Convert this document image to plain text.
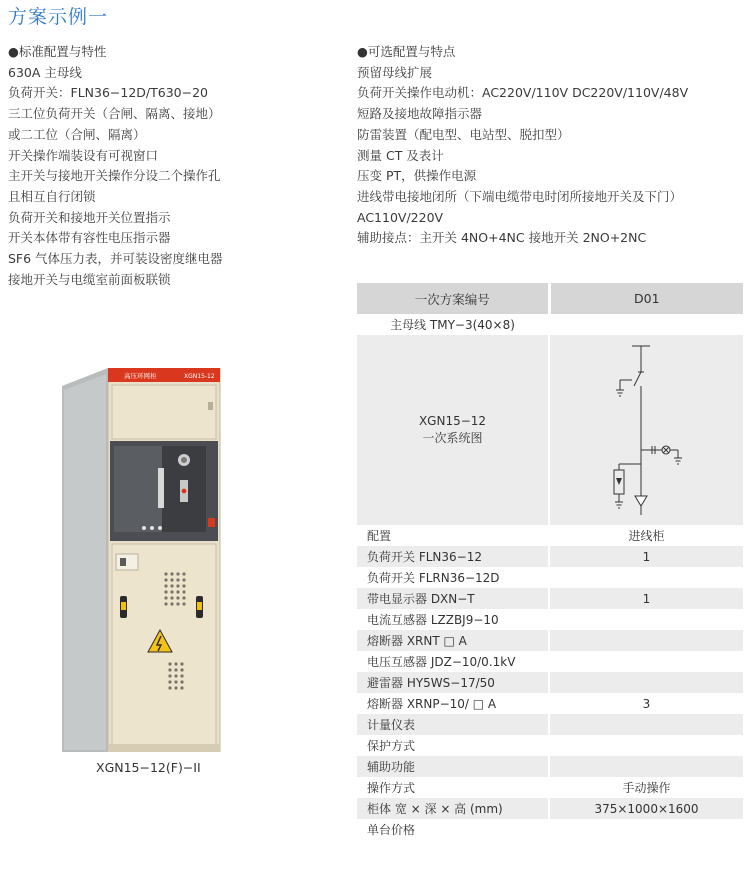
方案示例一
●标准配置与特性
630A 主母线
负荷开关：FLN36−12D/T630−20
三工位负荷开关（合闸、隔离、接地）
或二工位（合闸、隔离）
开关操作端装设有可视窗口
主开关与接地开关操作分设二个操作孔
且相互自行闭锁
负荷开关和接地开关位置指示
开关本体带有容性电压指示器
SF6 气体压力表，并可装设密度继电器
接地开关与电缆室前面板联锁
●可选配置与特点
预留母线扩展
负荷开关操作电动机：AC220V/110V DC220V/110V/48V
短路及接地故障指示器
防雷装置（配电型、电站型、脱扣型）
测量 CT 及表计
压变 PT，供操作电源
进线带电接地闭所（下端电缆带电时闭所接地开关及下门）
AC110V/220V
辅助接点：主开关 4NO+4NC 接地开关 2NO+2NC
高压环网柜	XGN15-12
XGN15−12(F)−II
一次方案编号	D01
主母线 TMY−3(40×8)	

XGN15−12
一次系统图

配置	进线柜
负荷开关 FLN36−12	1
负荷开关 FLRN36−12D	
带电显示器 DXN−T	1
电流互感器 LZZBJ9−10	
熔断器 XRNT □ A	
电压互感器 JDZ−10/0.1kV	
避雷器 HY5WS−17/50	
熔断器 XRNP−10/ □ A	3
计量仪表	
保护方式	
辅助功能	
操作方式	手动操作
柜体 宽 × 深 × 高 (mm)	375×1000×1600
单台价格	
